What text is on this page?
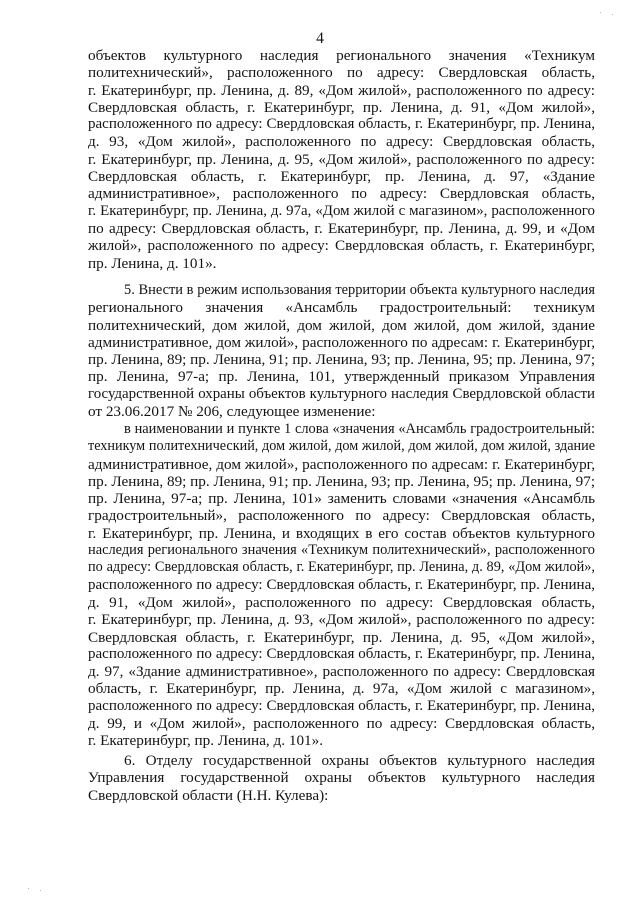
4
объектов культурного наследия регионального значения «Техникум
политехнический», расположенного по адресу: Свердловская область,
г. Екатеринбург, пр. Ленина, д. 89, «Дом жилой», расположенного по адресу:
Свердловская область, г. Екатеринбург, пр. Ленина, д. 91, «Дом жилой»,
расположенного по адресу: Свердловская область, г. Екатеринбург, пр. Ленина,
д. 93, «Дом жилой», расположенного по адресу: Свердловская область,
г. Екатеринбург, пр. Ленина, д. 95, «Дом жилой», расположенного по адресу:
Свердловская область, г. Екатеринбург, пр. Ленина, д. 97, «Здание
административное», расположенного по адресу: Свердловская область,
г. Екатеринбург, пр. Ленина, д. 97а, «Дом жилой с магазином», расположенного
по адресу: Свердловская область, г. Екатеринбург, пр. Ленина, д. 99, и «Дом
жилой», расположенного по адресу: Свердловская область, г. Екатеринбург,
пр. Ленина, д. 101».
5. Внести в режим использования территории объекта культурного наследия
регионального значения «Ансамбль градостроительный: техникум
политехнический, дом жилой, дом жилой, дом жилой, дом жилой, здание
административное, дом жилой», расположенного по адресам: г. Екатеринбург,
пр. Ленина, 89; пр. Ленина, 91; пр. Ленина, 93; пр. Ленина, 95; пр. Ленина, 97;
пр. Ленина, 97-а; пр. Ленина, 101, утвержденный приказом Управления
государственной охраны объектов культурного наследия Свердловской области
от 23.06.2017 № 206, следующее изменение:
в наименовании и пункте 1 слова «значения «Ансамбль градостроительный:
техникум политехнический, дом жилой, дом жилой, дом жилой, дом жилой, здание
административное, дом жилой», расположенного по адресам: г. Екатеринбург,
пр. Ленина, 89; пр. Ленина, 91; пр. Ленина, 93; пр. Ленина, 95; пр. Ленина, 97;
пр. Ленина, 97-а; пр. Ленина, 101» заменить словами «значения «Ансамбль
градостроительный», расположенного по адресу: Свердловская область,
г. Екатеринбург, пр. Ленина, и входящих в его состав объектов культурного
наследия регионального значения «Техникум политехнический», расположенного
по адресу: Свердловская область, г. Екатеринбург, пр. Ленина, д. 89, «Дом жилой»,
расположенного по адресу: Свердловская область, г. Екатеринбург, пр. Ленина,
д. 91, «Дом жилой», расположенного по адресу: Свердловская область,
г. Екатеринбург, пр. Ленина, д. 93, «Дом жилой», расположенного по адресу:
Свердловская область, г. Екатеринбург, пр. Ленина, д. 95, «Дом жилой»,
расположенного по адресу: Свердловская область, г. Екатеринбург, пр. Ленина,
д. 97, «Здание административное», расположенного по адресу: Свердловская
область, г. Екатеринбург, пр. Ленина, д. 97а, «Дом жилой с магазином»,
расположенного по адресу: Свердловская область, г. Екатеринбург, пр. Ленина,
д. 99, и «Дом жилой», расположенного по адресу: Свердловская область,
г. Екатеринбург, пр. Ленина, д. 101».
6. Отделу государственной охраны объектов культурного наследия
Управления государственной охраны объектов культурного наследия
Свердловской области (Н.Н. Кулева):
